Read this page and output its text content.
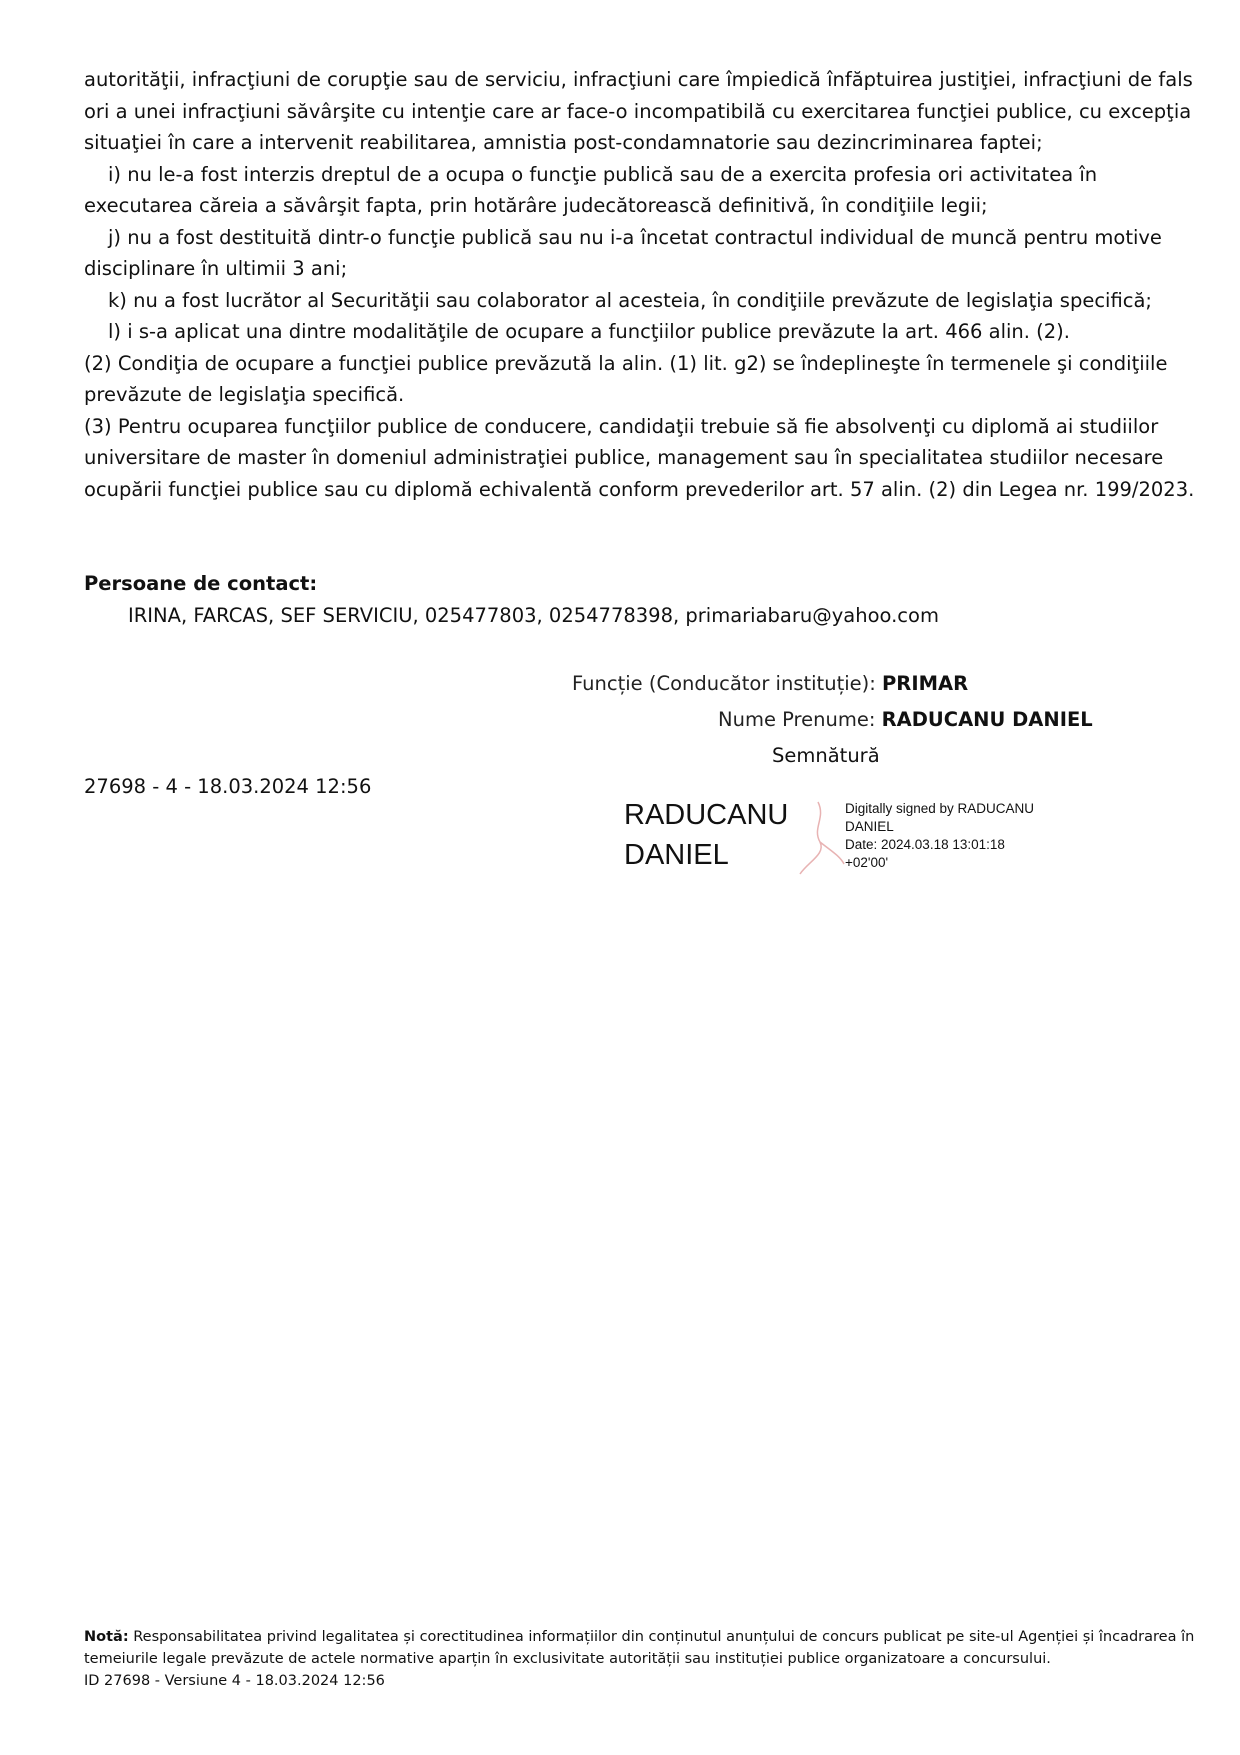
autorităţii, infracţiuni de corupţie sau de serviciu, infracţiuni care împiedică înfăptuirea justiţiei, infracţiuni de fals ori a unei infracţiuni săvârşite cu intenţie care ar face-o incompatibilă cu exercitarea funcţiei publice, cu excepţia situaţiei în care a intervenit reabilitarea, amnistia post-condamnatorie sau dezincriminarea faptei;

i) nu le-a fost interzis dreptul de a ocupa o funcţie publică sau de a exercita profesia ori activitatea în executarea căreia a săvârşit fapta, prin hotărâre judecătorească definitivă, în condiţiile legii;

j) nu a fost destituită dintr-o funcţie publică sau nu i-a încetat contractul individual de muncă pentru motive disciplinare în ultimii 3 ani;

k) nu a fost lucrător al Securităţii sau colaborator al acesteia, în condiţiile prevăzute de legislaţia specifică;

l) i s-a aplicat una dintre modalităţile de ocupare a funcţiilor publice prevăzute la art. 466 alin. (2).

(2) Condiţia de ocupare a funcţiei publice prevăzută la alin. (1) lit. g2) se îndeplineşte în termenele şi condiţiile prevăzute de legislaţia specifică.

(3) Pentru ocuparea funcţiilor publice de conducere, candidaţii trebuie să fie absolvenţi cu diplomă ai studiilor universitare de master în domeniul administraţiei publice, management sau în specialitatea studiilor necesare ocupării funcţiei publice sau cu diplomă echivalentă conform prevederilor art. 57 alin. (2) din Legea nr. 199/2023.

Persoane de contact:
IRINA, FARCAS, SEF SERVICIU, 025477803, 0254778398, primariabaru@yahoo.com
Funcție (Conducător instituție): PRIMAR
Nume Prenume: RADUCANU DANIEL
Semnătură
27698 - 4 - 18.03.2024 12:56
RADUCANU
DANIEL
Digitally signed by RADUCANU
DANIEL
Date: 2024.03.18 13:01:18
+02'00'
Notă: Responsabilitatea privind legalitatea și corectitudinea informațiilor din conținutul anunțului de concurs publicat pe site-ul Agenției și încadrarea în temeiurile legale prevăzute de actele normative aparțin în exclusivitate autorității sau instituției publice organizatoare a concursului.
ID 27698 - Versiune 4 - 18.03.2024 12:56
